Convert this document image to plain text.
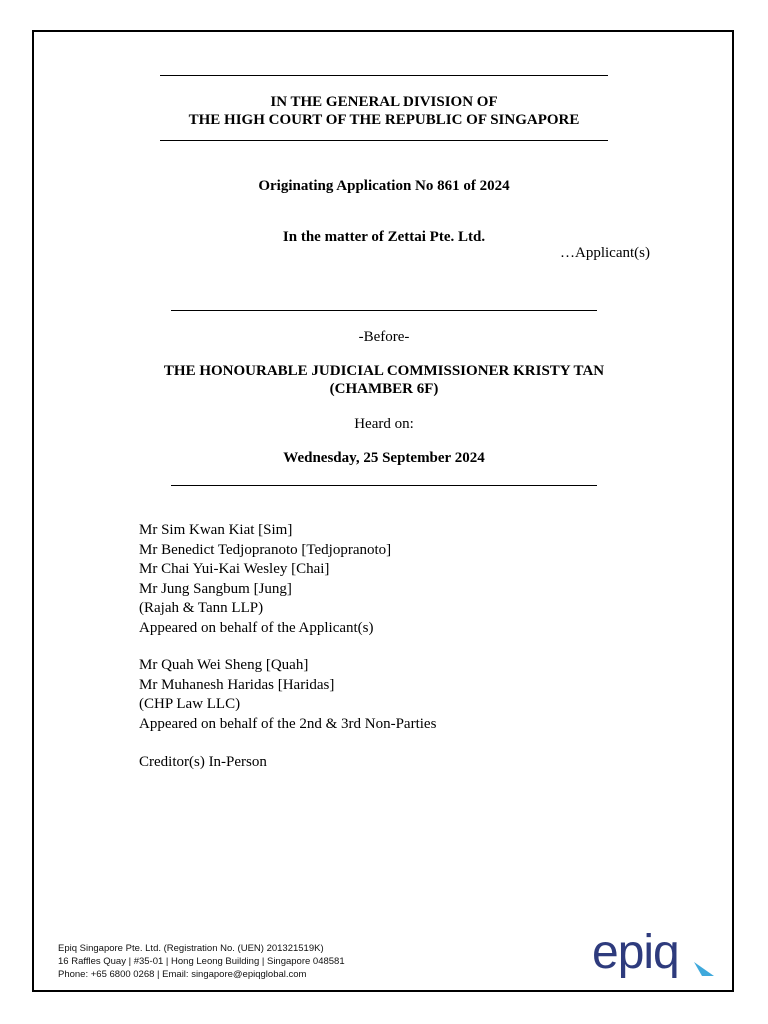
IN THE GENERAL DIVISION OF
THE HIGH COURT OF THE REPUBLIC OF SINGAPORE
Originating Application No 861 of 2024
In the matter of Zettai Pte. Ltd.
…Applicant(s)
-Before-
THE HONOURABLE JUDICIAL COMMISSIONER KRISTY TAN
(CHAMBER 6F)
Heard on:
Wednesday, 25 September 2024
Mr Sim Kwan Kiat [Sim]
Mr Benedict Tedjopranoto [Tedjopranoto]
Mr Chai Yui-Kai Wesley [Chai]
Mr Jung Sangbum [Jung]
(Rajah & Tann LLP)
Appeared on behalf of the Applicant(s)
Mr Quah Wei Sheng [Quah]
Mr Muhanesh Haridas [Haridas]
(CHP Law LLC)
Appeared on behalf of the 2nd & 3rd Non-Parties
Creditor(s) In-Person
Epiq Singapore Pte. Ltd. (Registration No. (UEN) 201321519K)
16 Raffles Quay | #35-01 | Hong Leong Building | Singapore 048581
Phone: +65 6800 0268 | Email: singapore@epiqglobal.com	epiq
